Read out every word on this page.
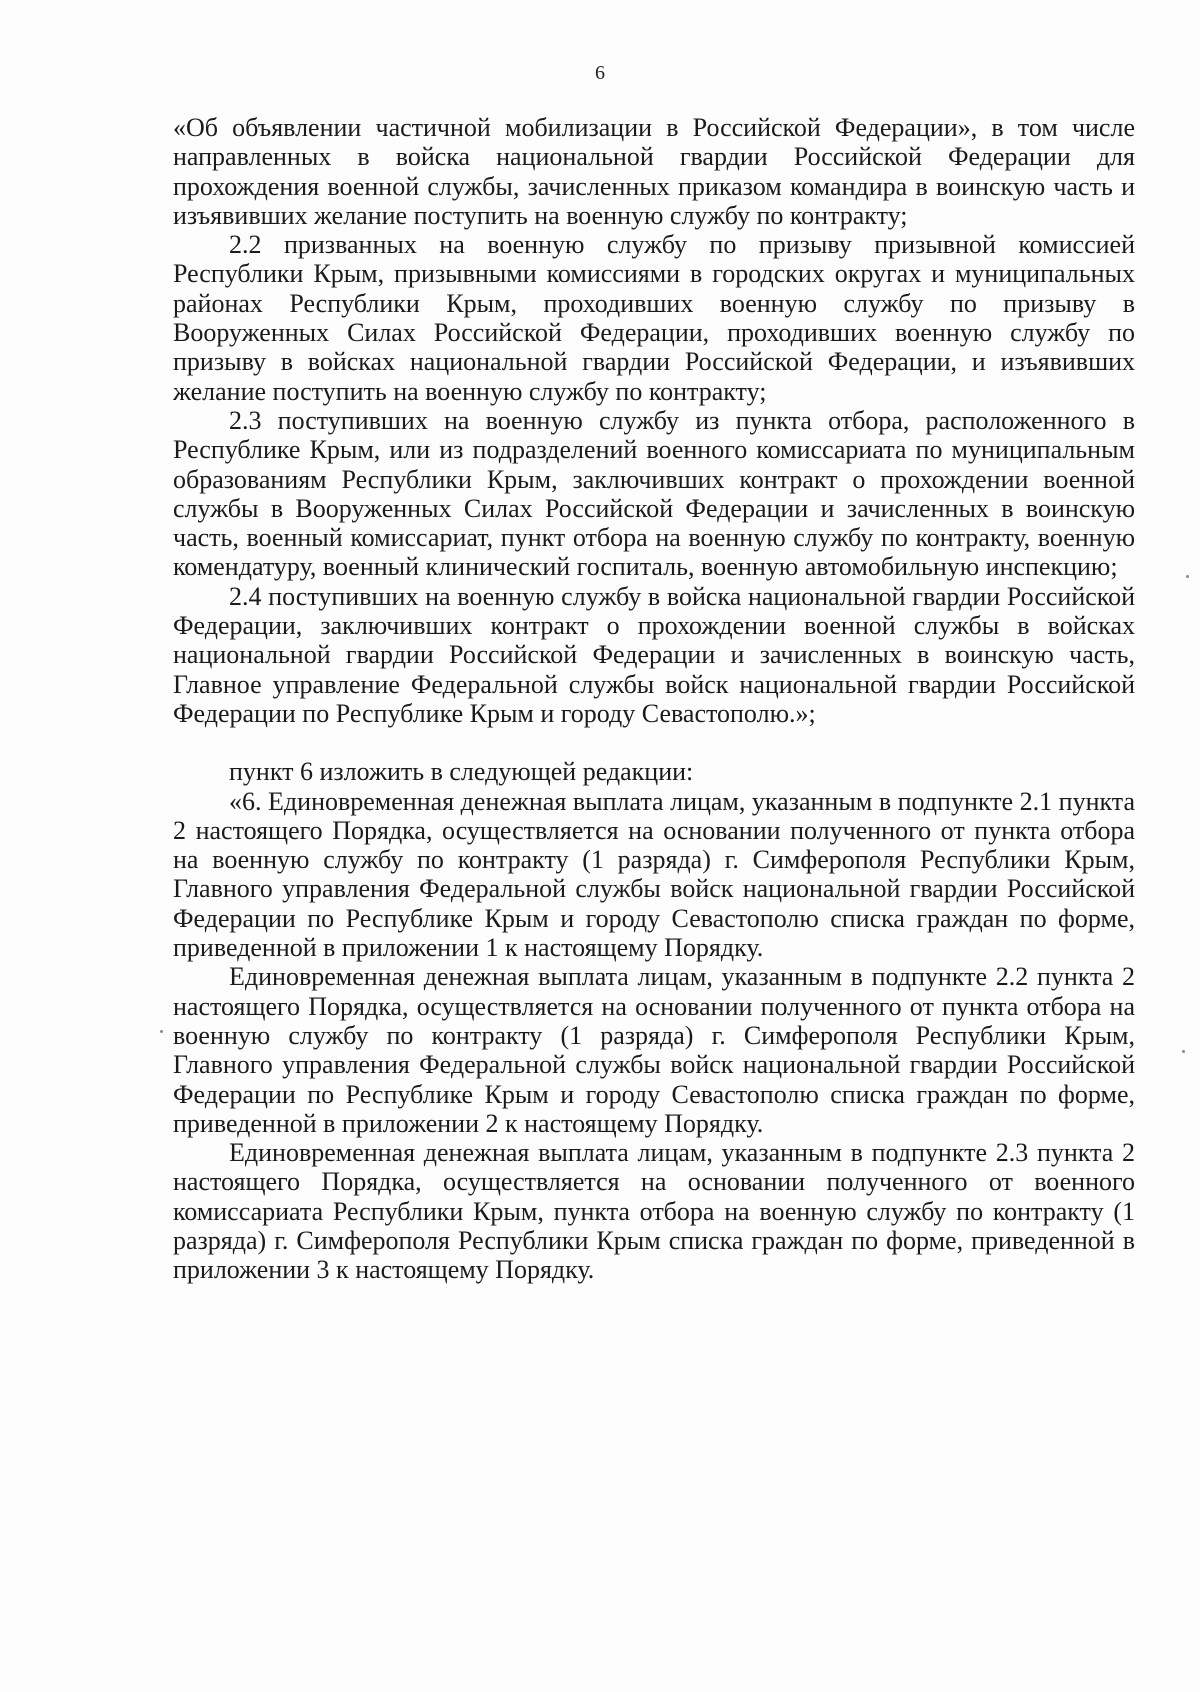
6

«Об объявлении частичной мобилизации в Российской Федерации», в том числе направленных в войска национальной гвардии Российской Федерации для прохождения военной службы, зачисленных приказом командира в воинскую часть и изъявивших желание поступить на военную службу по контракту;

2.2 призванных на военную службу по призыву призывной комиссией Республики Крым, призывными комиссиями в городских округах и муниципальных районах Республики Крым, проходивших военную службу по призыву в Вооруженных Силах Российской Федерации, проходивших военную службу по призыву в войсках национальной гвардии Российской Федерации, и изъявивших желание поступить на военную службу по контракту;

2.3 поступивших на военную службу из пункта отбора, расположенного в Республике Крым, или из подразделений военного комиссариата по муниципальным образованиям Республики Крым, заключивших контракт о прохождении военной службы в Вооруженных Силах Российской Федерации и зачисленных в воинскую часть, военный комиссариат, пункт отбора на военную службу по контракту, военную комендатуру, военный клинический госпиталь, военную автомобильную инспекцию;

2.4 поступивших на военную службу в войска национальной гвардии Российской Федерации, заключивших контракт о прохождении военной службы в войсках национальной гвардии Российской Федерации и зачисленных в воинскую часть, Главное управление Федеральной службы войск национальной гвардии Российской Федерации по Республике Крым и городу Севастополю.»;

пункт 6 изложить в следующей редакции:

«6. Единовременная денежная выплата лицам, указанным в подпункте 2.1 пункта 2 настоящего Порядка, осуществляется на основании полученного от пункта отбора на военную службу по контракту (1 разряда) г. Симферополя Республики Крым, Главного управления Федеральной службы войск национальной гвардии Российской Федерации по Республике Крым и городу Севастополю списка граждан по форме, приведенной в приложении 1 к настоящему Порядку.

Единовременная денежная выплата лицам, указанным в подпункте 2.2 пункта 2 настоящего Порядка, осуществляется на основании полученного от пункта отбора на военную службу по контракту (1 разряда) г. Симферополя Республики Крым, Главного управления Федеральной службы войск национальной гвардии Российской Федерации по Республике Крым и городу Севастополю списка граждан по форме, приведенной в приложении 2 к настоящему Порядку.

Единовременная денежная выплата лицам, указанным в подпункте 2.3 пункта 2 настоящего Порядка, осуществляется на основании полученного от военного комиссариата Республики Крым, пункта отбора на военную службу по контракту (1 разряда) г. Симферополя Республики Крым списка граждан по форме, приведенной в приложении 3 к настоящему Порядку.
